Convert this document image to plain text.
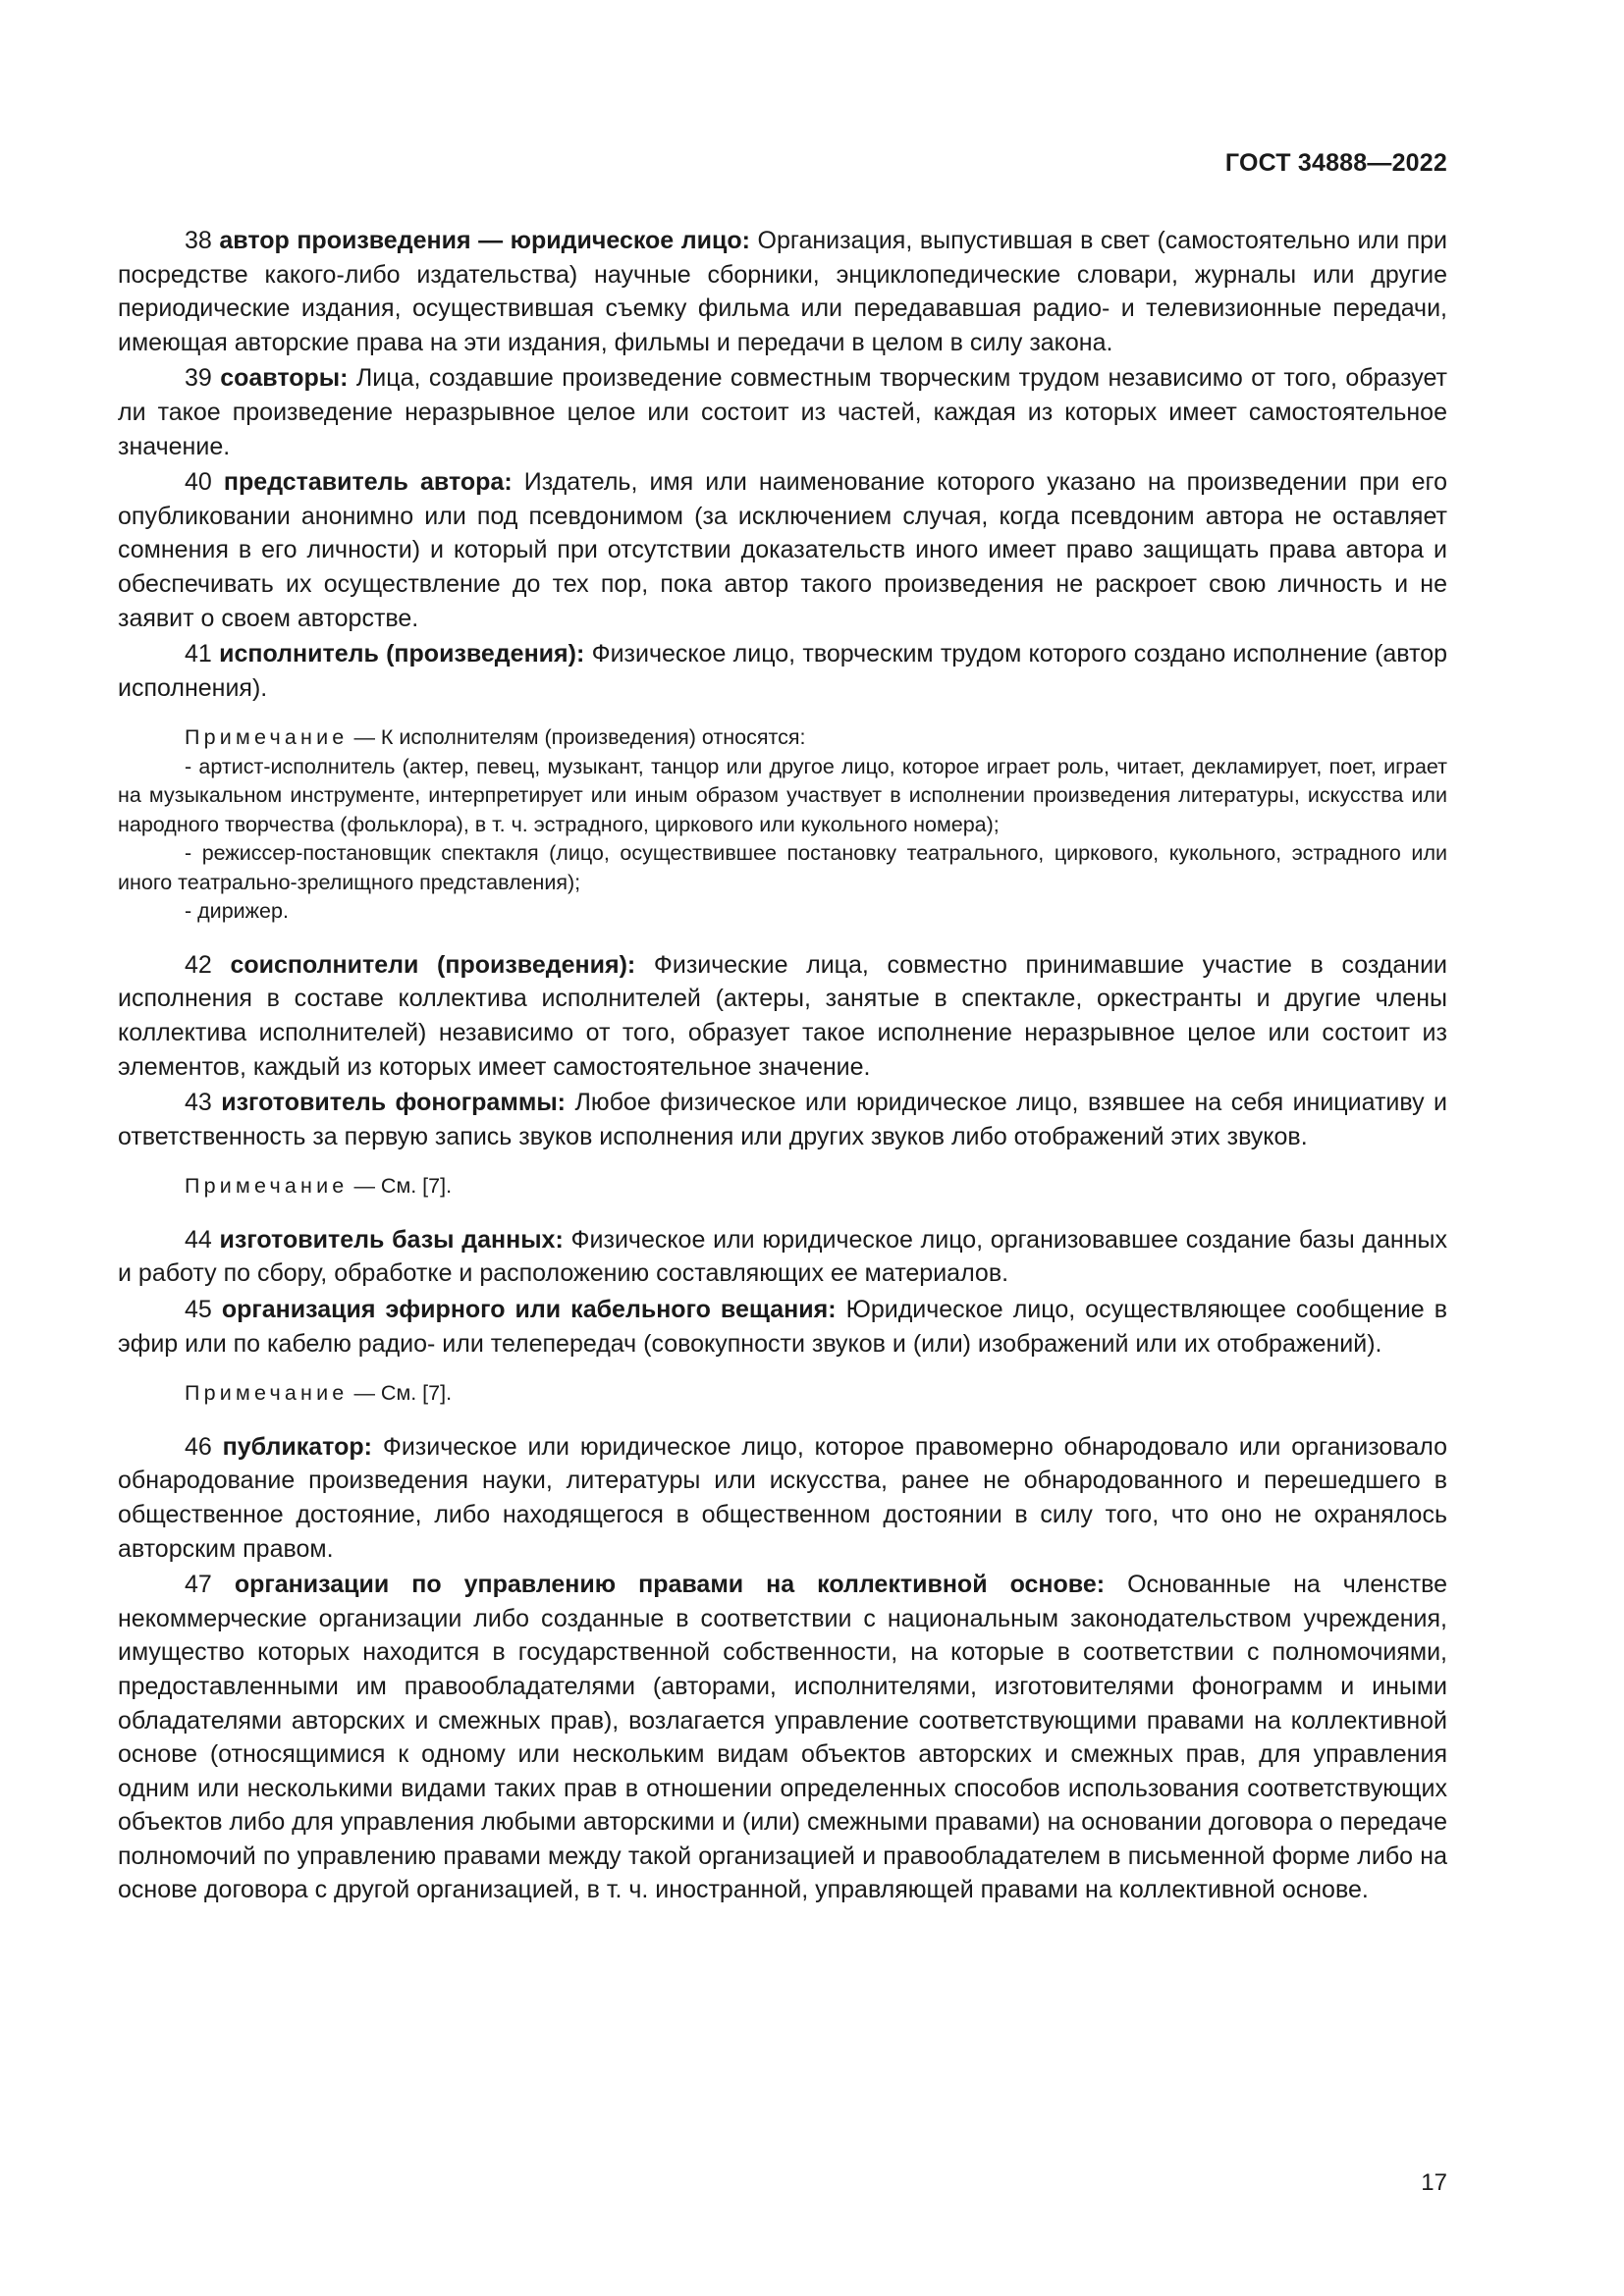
ГОСТ 34888—2022

38 автор произведения — юридическое лицо: Организация, выпустившая в свет (самостоятельно или при посредстве какого-либо издательства) научные сборники, энциклопедические словари, журналы или другие периодические издания, осуществившая съемку фильма или передававшая радио- и телевизионные передачи, имеющая авторские права на эти издания, фильмы и передачи в целом в силу закона.

39 соавторы: Лица, создавшие произведение совместным творческим трудом независимо от того, образует ли такое произведение неразрывное целое или состоит из частей, каждая из которых имеет самостоятельное значение.

40 представитель автора: Издатель, имя или наименование которого указано на произведении при его опубликовании анонимно или под псевдонимом (за исключением случая, когда псевдоним автора не оставляет сомнения в его личности) и который при отсутствии доказательств иного имеет право защищать права автора и обеспечивать их осуществление до тех пор, пока автор такого произведения не раскроет свою личность и не заявит о своем авторстве.

41 исполнитель (произведения): Физическое лицо, творческим трудом которого создано исполнение (автор исполнения).

Примечание — К исполнителям (произведения) относятся:

- артист-исполнитель (актер, певец, музыкант, танцор или другое лицо, которое играет роль, читает, декламирует, поет, играет на музыкальном инструменте, интерпретирует или иным образом участвует в исполнении произведения литературы, искусства или народного творчества (фольклора), в т. ч. эстрадного, циркового или кукольного номера);

- режиссер-постановщик спектакля (лицо, осуществившее постановку театрального, циркового, кукольного, эстрадного или иного театрально-зрелищного представления);

- дирижер.

42 соисполнители (произведения): Физические лица, совместно принимавшие участие в создании исполнения в составе коллектива исполнителей (актеры, занятые в спектакле, оркестранты и другие члены коллектива исполнителей) независимо от того, образует такое исполнение неразрывное целое или состоит из элементов, каждый из которых имеет самостоятельное значение.

43 изготовитель фонограммы: Любое физическое или юридическое лицо, взявшее на себя инициативу и ответственность за первую запись звуков исполнения или других звуков либо отображений этих звуков.

Примечание — См. [7].

44 изготовитель базы данных: Физическое или юридическое лицо, организовавшее создание базы данных и работу по сбору, обработке и расположению составляющих ее материалов.

45 организация эфирного или кабельного вещания: Юридическое лицо, осуществляющее сообщение в эфир или по кабелю радио- или телепередач (совокупности звуков и (или) изображений или их отображений).

Примечание — См. [7].

46 публикатор: Физическое или юридическое лицо, которое правомерно обнародовало или организовало обнародование произведения науки, литературы или искусства, ранее не обнародованного и перешедшего в общественное достояние, либо находящегося в общественном достоянии в силу того, что оно не охранялось авторским правом.

47 организации по управлению правами на коллективной основе: Основанные на членстве некоммерческие организации либо созданные в соответствии с национальным законодательством учреждения, имущество которых находится в государственной собственности, на которые в соответствии с полномочиями, предоставленными им правообладателями (авторами, исполнителями, изготовителями фонограмм и иными обладателями авторских и смежных прав), возлагается управление соответствующими правами на коллективной основе (относящимися к одному или нескольким видам объектов авторских и смежных прав, для управления одним или несколькими видами таких прав в отношении определенных способов использования соответствующих объектов либо для управления любыми авторскими и (или) смежными правами) на основании договора о передаче полномочий по управлению правами между такой организацией и правообладателем в письменной форме либо на основе договора с другой организацией, в т. ч. иностранной, управляющей правами на коллективной основе.

17
